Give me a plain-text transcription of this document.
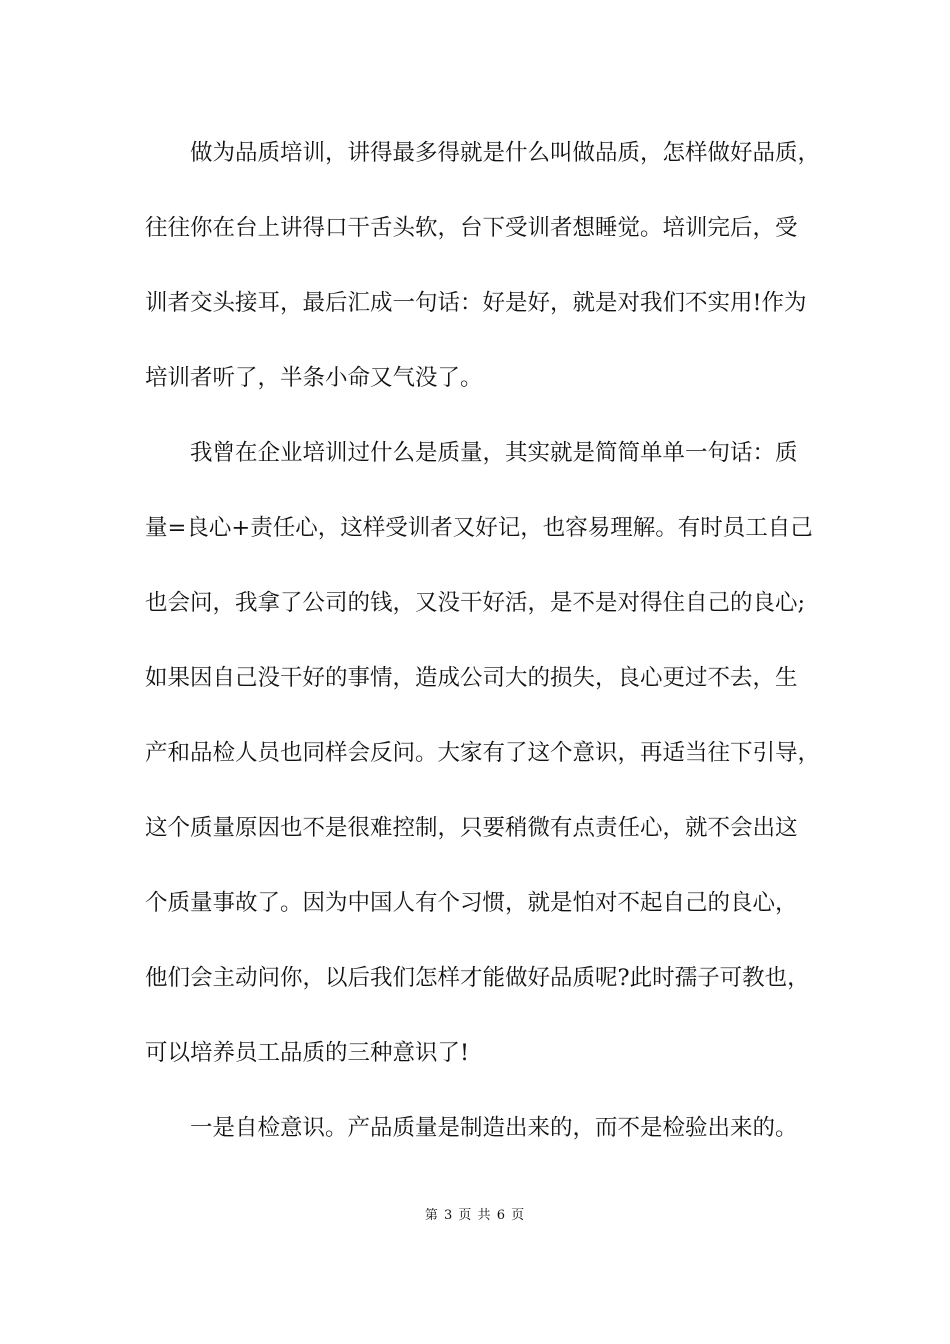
做为品质培训，讲得最多得就是什么叫做品质，怎样做好品质，
往往你在台上讲得口干舌头软，台下受训者想睡觉。培训完后，受
训者交头接耳，最后汇成一句话：好是好，就是对我们不实用!作为
培训者听了，半条小命又气没了。
我曾在企业培训过什么是质量，其实就是简简单单一句话：质
量=良心+责任心，这样受训者又好记，也容易理解。有时员工自己
也会问，我拿了公司的钱，又没干好活，是不是对得住自己的良心;
如果因自己没干好的事情，造成公司大的损失，良心更过不去，生
产和品检人员也同样会反问。大家有了这个意识，再适当往下引导，
这个质量原因也不是很难控制，只要稍微有点责任心，就不会出这
个质量事故了。因为中国人有个习惯，就是怕对不起自己的良心，
他们会主动问你，以后我们怎样才能做好品质呢?此时孺子可教也，
可以培养员工品质的三种意识了!
一是自检意识。产品质量是制造出来的，而不是检验出来的。
第 3 页 共 6 页
